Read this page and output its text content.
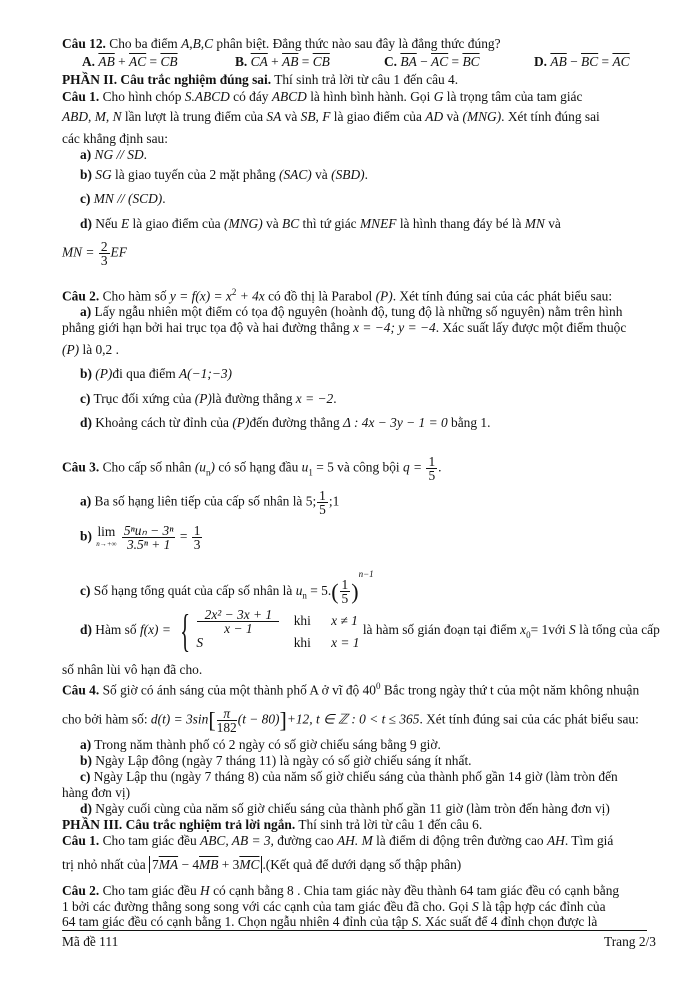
Câu 12. Cho ba điểm A,B,C phân biệt. Đẳng thức nào sau đây là đẳng thức đúng?
A. $\overline{AB} + \overline{AC} = \overline{CB}$	B. $\overline{CA} + \overline{AB} = \overline{CB}$	C. $\overline{BA} - \overline{AC} = \overline{BC}$	D. $\overline{AB} - \overline{BC} = \overline{AC}$
PHẦN II. Câu trắc nghiệm đúng sai. Thí sinh trả lời từ câu 1 đến câu 4.
Câu 1. Cho hình chóp S.ABCD có đáy ABCD là hình bình hành. Gọi G là trọng tâm của tam giác
ABD, M, N lần lượt là trung điểm của SA và SB, F là giao điểm của AD và (MNG). Xét tính đúng sai
các khẳng định sau:
a) NG // SD.
b) SG là giao tuyến của 2 mặt phẳng (SAC) và (SBD).
c) MN // (SCD).
d) Nếu E là giao điểm của (MNG) và BC thì tứ giác MNEF là hình thang đáy bé là MN và
MN = $\frac{2}{3}$ EF
Câu 2. Cho hàm số $y = f(x) = x^2 + 4x$ có đồ thị là Parabol (P). Xét tính đúng sai của các phát biểu sau:
a) Lấy ngẫu nhiên một điểm có tọa độ nguyên (hoành độ, tung độ là những số nguyên) nằm trên hình
phẳng giới hạn bởi hai trục tọa độ và hai đường thẳng x = −4; y = −4. Xác suất lấy được một điểm thuộc
(P) là 0,2 .
b) (P)đi qua điểm A(−1;−3)
c) Trục đối xứng của (P)là đường thẳng x = −2.
d) Khoảng cách từ đỉnh của (P)đến đường thẳng Δ : 4x − 3y − 1 = 0 bằng 1.
Câu 3. Cho cấp số nhân $(u_n)$ có số hạng đầu $u_1 = 5$ và công bội $q = \frac{1}{5}$ .
a) Ba số hạng liên tiếp của cấp số nhân là 5; $\frac{1}{5}$ ;1
b) lim
n→+∞
$\frac{\text{5ⁿuₙ − 3ⁿ}}{\text{3.5ⁿ + 1}} = \frac{1}{3}$
c) Số hạng tổng quát của cấp số nhân là $u_n = 5.( \frac{1}{5} )^{n-1}$
d) Hàm số f(x) = { $\frac{\text{2x² − 3x + 1}}{x - 1}$ khi x ≠ 1
S	khi x = 1
là hàm số gián đoạn tại điểm $x_0=$ 1với S là tổng của cấp
số nhân lùi vô hạn đã cho.
Câu 4. Số giờ có ánh sáng của một thành phố A ở vĩ độ $40^0$ Bắc trong ngày thứ t của một năm không nhuận
cho bởi hàm số: $d(t) = 3\sin[ \frac{\pi}{182} (t - 80)]+12$, t ∈ ℤ : 0 < t ≤ 365. Xét tính đúng sai của các phát biểu sau:
a) Trong năm thành phố có 2 ngày có số giờ chiếu sáng bằng 9 giờ.
b) Ngày Lập đông (ngày 7 tháng 11) là ngày có số giờ chiếu sáng ít nhất.
c) Ngày Lập thu (ngày 7 tháng 8) của năm số giờ chiếu sáng của thành phố gần 14 giờ (làm tròn đến
hàng đơn vị)
d) Ngày cuối cùng của năm số giờ chiếu sáng của thành phố gần 11 giờ (làm tròn đến hàng đơn vị)
PHẦN III. Câu trắc nghiệm trả lời ngắn. Thí sinh trả lời từ câu 1 đến câu 6.
Câu 1. Cho tam giác đều ABC, AB = 3, đường cao AH. M là điểm di động trên đường cao AH. Tìm giá
trị nhỏ nhất của $7\overline{MA} - 4\overline{MB} + 3\overline{MC}$ .(Kết quả để dưới dạng số thập phân)
Câu 2. Cho tam giác đều H có cạnh bằng 8 . Chia tam giác này đều thành 64 tam giác đều có cạnh bằng
1 bởi các đường thẳng song song với các cạnh của tam giác đều đã cho. Gọi S là tập hợp các đỉnh của
64 tam giác đều có cạnh bằng 1. Chọn ngẫu nhiên 4 đỉnh của tập S. Xác suất để 4 đỉnh chọn được là
Mã đề 111	Trang 2/3
